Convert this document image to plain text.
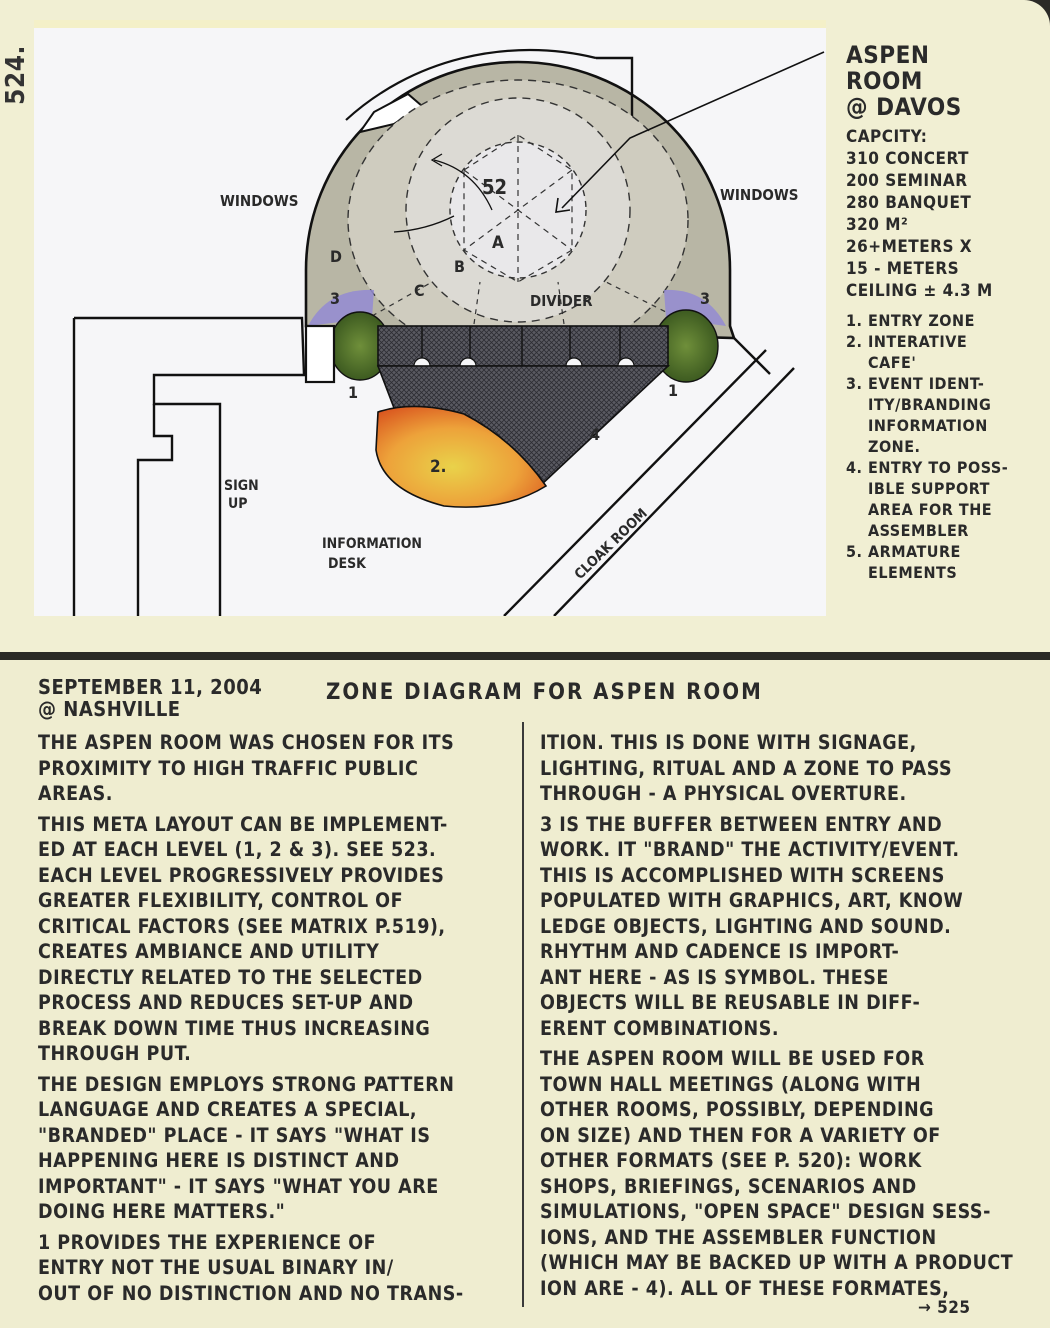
524.
WINDOWS	WINDOWS
DIVIDER
SIGN
UP
INFORMATION
DESK	CLOAK ROOM
52
A
B
C
D
1	1
2.
3	3
4
ASPEN
ROOM
@ DAVOS
CAPCITY:
310 CONCERT
200 SEMINAR
280 BANQUET
320 M²
26+METERS X
15 - METERS
CEILING ± 4.3 M
1. ENTRY ZONE
2. INTERATIVE
CAFE'
3. EVENT IDENT-
ITY/BRANDING
INFORMATION
ZONE.
4. ENTRY TO POSS-
IBLE SUPPORT
AREA FOR THE
ASSEMBLER
5. ARMATURE
ELEMENTS
SEPTEMBER 11, 2004
@ NASHVILLE
ZONE DIAGRAM FOR ASPEN ROOM

THE ASPEN ROOM WAS CHOSEN FOR ITS
PROXIMITY TO HIGH TRAFFIC PUBLIC
AREAS.

THIS META LAYOUT CAN BE IMPLEMENT-
ED AT EACH LEVEL (1, 2 & 3). SEE 523.
EACH LEVEL PROGRESSIVELY PROVIDES
GREATER FLEXIBILITY, CONTROL OF
CRITICAL FACTORS (SEE MATRIX P.519),
CREATES AMBIANCE AND UTILITY
DIRECTLY RELATED TO THE SELECTED
PROCESS AND REDUCES SET-UP AND
BREAK DOWN TIME THUS INCREASING
THROUGH PUT.

THE DESIGN EMPLOYS STRONG PATTERN
LANGUAGE AND CREATES A SPECIAL,
"BRANDED" PLACE - IT SAYS "WHAT IS
HAPPENING HERE IS DISTINCT AND
IMPORTANT" - IT SAYS "WHAT YOU ARE
DOING HERE MATTERS."

1 PROVIDES THE EXPERIENCE OF
ENTRY NOT THE USUAL BINARY IN/
OUT OF NO DISTINCTION AND NO TRANS-

ITION. THIS IS DONE WITH SIGNAGE,
LIGHTING, RITUAL AND A ZONE TO PASS
THROUGH - A PHYSICAL OVERTURE.

3 IS THE BUFFER BETWEEN ENTRY AND
WORK. IT "BRAND" THE ACTIVITY/EVENT.
THIS IS ACCOMPLISHED WITH SCREENS
POPULATED WITH GRAPHICS, ART, KNOW
LEDGE OBJECTS, LIGHTING AND SOUND.
RHYTHM AND CADENCE IS IMPORT-
ANT HERE - AS IS SYMBOL. THESE
OBJECTS WILL BE REUSABLE IN DIFF-
ERENT COMBINATIONS.

THE ASPEN ROOM WILL BE USED FOR
TOWN HALL MEETINGS (ALONG WITH
OTHER ROOMS, POSSIBLY, DEPENDING
ON SIZE) AND THEN FOR A VARIETY OF
OTHER FORMATS (SEE P. 520): WORK
SHOPS, BRIEFINGS, SCENARIOS AND
SIMULATIONS, "OPEN SPACE" DESIGN SESS-
IONS, AND THE ASSEMBLER FUNCTION
(WHICH MAY BE BACKED UP WITH A PRODUCT
ION ARE - 4). ALL OF THESE FORMATES,

→ 525
